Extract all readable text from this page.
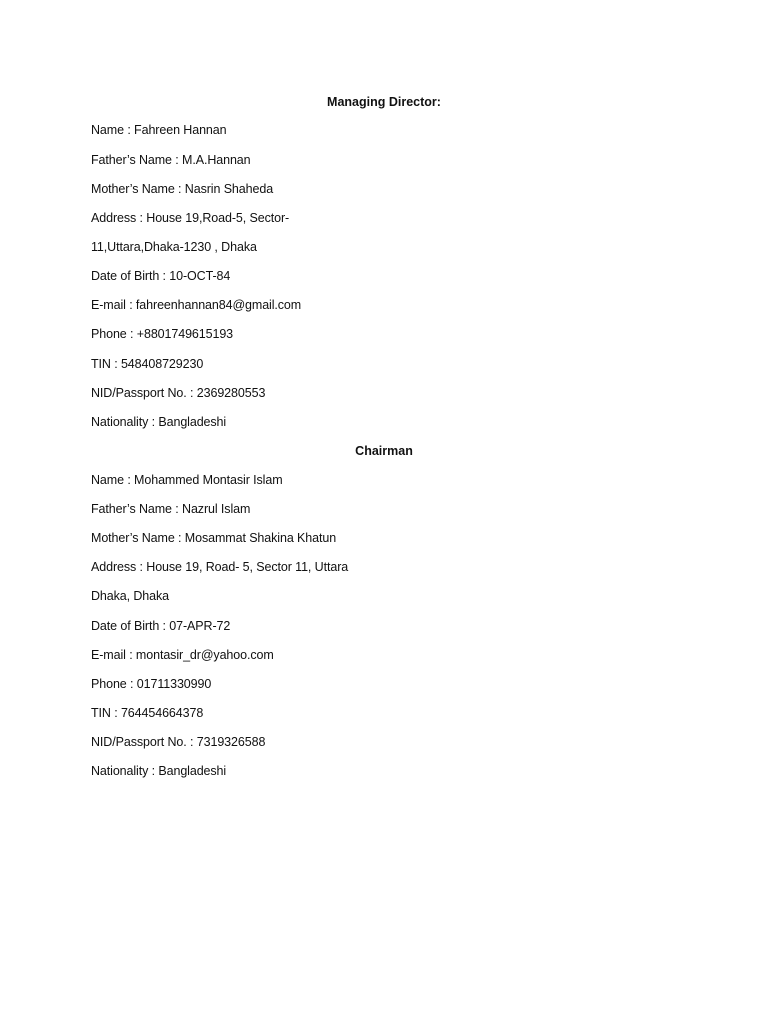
Managing Director:
Name : Fahreen Hannan
Father’s Name : M.A.Hannan
Mother’s Name : Nasrin Shaheda
Address : House 19,Road-5, Sector-
11,Uttara,Dhaka-1230 , Dhaka
Date of Birth : 10-OCT-84
E-mail : fahreenhannan84@gmail.com
Phone : +8801749615193
TIN : 548408729230
NID/Passport No. : 2369280553
Nationality : Bangladeshi
Chairman
Name : Mohammed Montasir Islam
Father’s Name : Nazrul Islam
Mother’s Name : Mosammat Shakina Khatun
Address : House 19, Road- 5, Sector 11, Uttara
Dhaka, Dhaka
Date of Birth : 07-APR-72
E-mail : montasir_dr@yahoo.com
Phone : 01711330990
TIN : 764454664378
NID/Passport No. : 7319326588
Nationality : Bangladeshi
